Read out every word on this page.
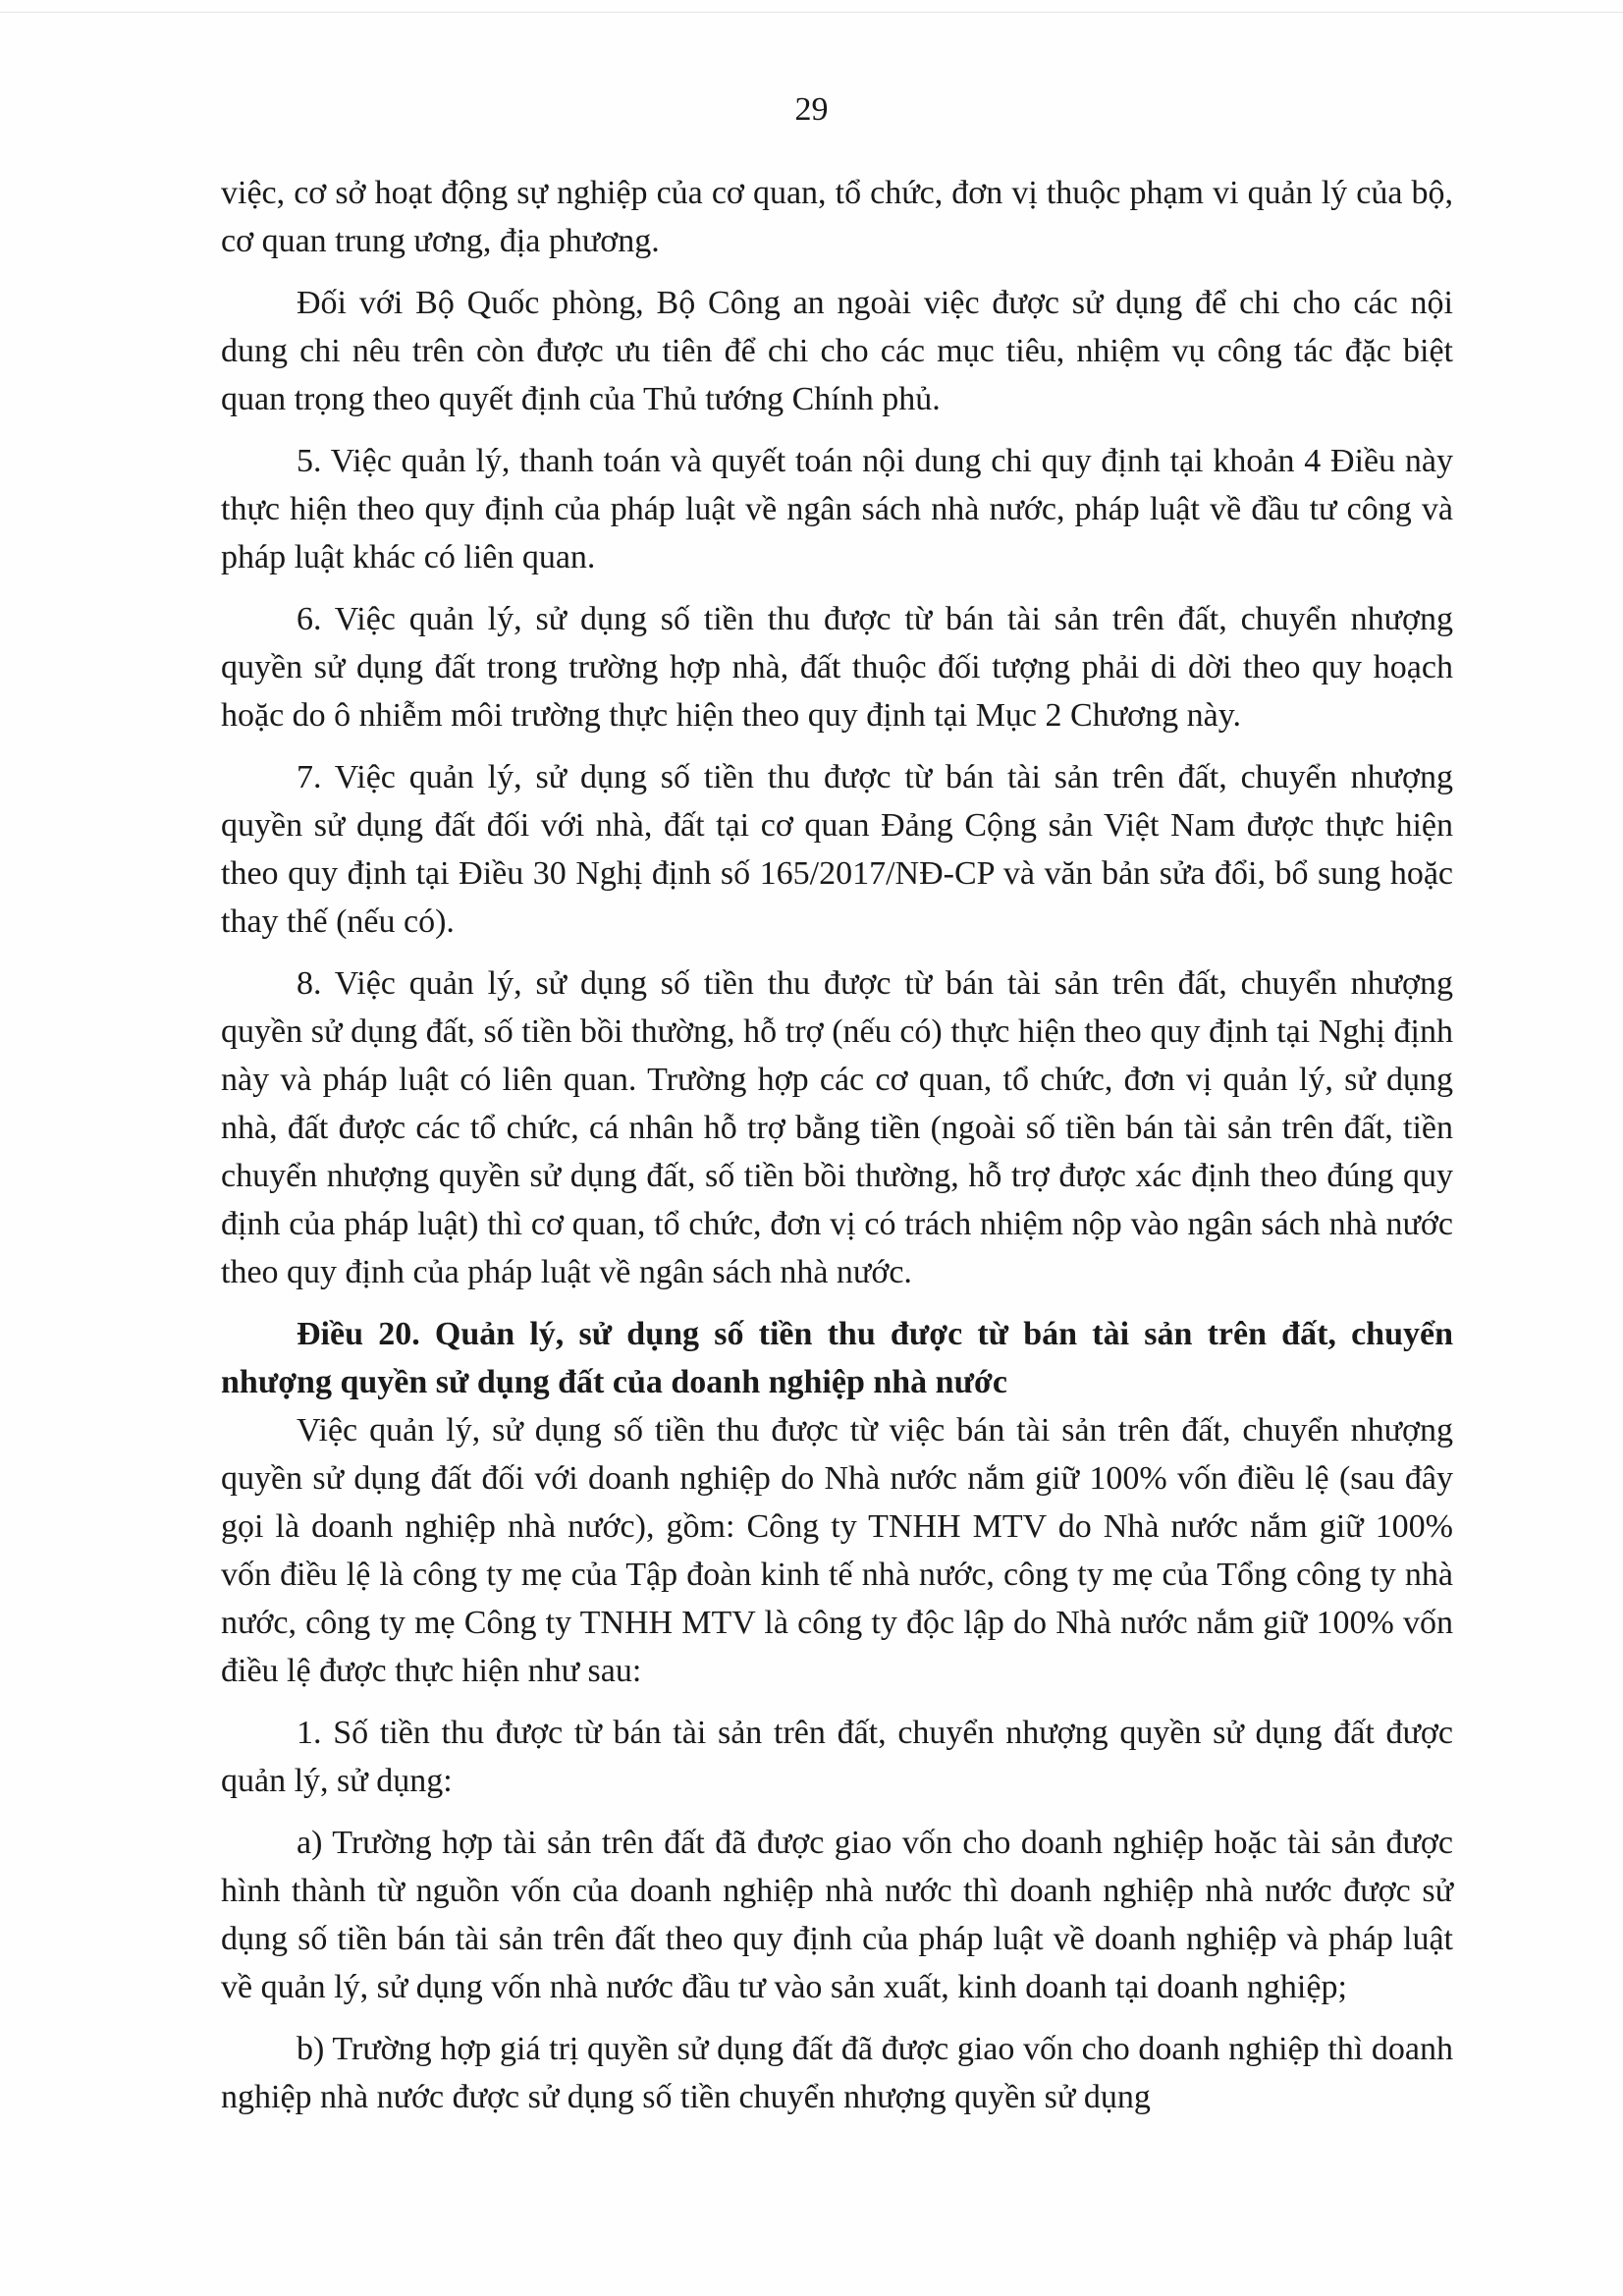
29

việc, cơ sở hoạt động sự nghiệp của cơ quan, tổ chức, đơn vị thuộc phạm vi quản lý của bộ, cơ quan trung ương, địa phương.

Đối với Bộ Quốc phòng, Bộ Công an ngoài việc được sử dụng để chi cho các nội dung chi nêu trên còn được ưu tiên để chi cho các mục tiêu, nhiệm vụ công tác đặc biệt quan trọng theo quyết định của Thủ tướng Chính phủ.

5. Việc quản lý, thanh toán và quyết toán nội dung chi quy định tại khoản 4 Điều này thực hiện theo quy định của pháp luật về ngân sách nhà nước, pháp luật về đầu tư công và pháp luật khác có liên quan.

6. Việc quản lý, sử dụng số tiền thu được từ bán tài sản trên đất, chuyển nhượng quyền sử dụng đất trong trường hợp nhà, đất thuộc đối tượng phải di dời theo quy hoạch hoặc do ô nhiễm môi trường thực hiện theo quy định tại Mục 2 Chương này.

7. Việc quản lý, sử dụng số tiền thu được từ bán tài sản trên đất, chuyển nhượng quyền sử dụng đất đối với nhà, đất tại cơ quan Đảng Cộng sản Việt Nam được thực hiện theo quy định tại Điều 30 Nghị định số 165/2017/NĐ-CP và văn bản sửa đổi, bổ sung hoặc thay thế (nếu có).

8. Việc quản lý, sử dụng số tiền thu được từ bán tài sản trên đất, chuyển nhượng quyền sử dụng đất, số tiền bồi thường, hỗ trợ (nếu có) thực hiện theo quy định tại Nghị định này và pháp luật có liên quan. Trường hợp các cơ quan, tổ chức, đơn vị quản lý, sử dụng nhà, đất được các tổ chức, cá nhân hỗ trợ bằng tiền (ngoài số tiền bán tài sản trên đất, tiền chuyển nhượng quyền sử dụng đất, số tiền bồi thường, hỗ trợ được xác định theo đúng quy định của pháp luật) thì cơ quan, tổ chức, đơn vị có trách nhiệm nộp vào ngân sách nhà nước theo quy định của pháp luật về ngân sách nhà nước.

Điều 20. Quản lý, sử dụng số tiền thu được từ bán tài sản trên đất, chuyển nhượng quyền sử dụng đất của doanh nghiệp nhà nước

Việc quản lý, sử dụng số tiền thu được từ việc bán tài sản trên đất, chuyển nhượng quyền sử dụng đất đối với doanh nghiệp do Nhà nước nắm giữ 100% vốn điều lệ (sau đây gọi là doanh nghiệp nhà nước), gồm: Công ty TNHH MTV do Nhà nước nắm giữ 100% vốn điều lệ là công ty mẹ của Tập đoàn kinh tế nhà nước, công ty mẹ của Tổng công ty nhà nước, công ty mẹ Công ty TNHH MTV là công ty độc lập do Nhà nước nắm giữ 100% vốn điều lệ được thực hiện như sau:

1. Số tiền thu được từ bán tài sản trên đất, chuyển nhượng quyền sử dụng đất được quản lý, sử dụng:

a) Trường hợp tài sản trên đất đã được giao vốn cho doanh nghiệp hoặc tài sản được hình thành từ nguồn vốn của doanh nghiệp nhà nước thì doanh nghiệp nhà nước được sử dụng số tiền bán tài sản trên đất theo quy định của pháp luật về doanh nghiệp và pháp luật về quản lý, sử dụng vốn nhà nước đầu tư vào sản xuất, kinh doanh tại doanh nghiệp;

b) Trường hợp giá trị quyền sử dụng đất đã được giao vốn cho doanh nghiệp thì doanh nghiệp nhà nước được sử dụng số tiền chuyển nhượng quyền sử dụng
